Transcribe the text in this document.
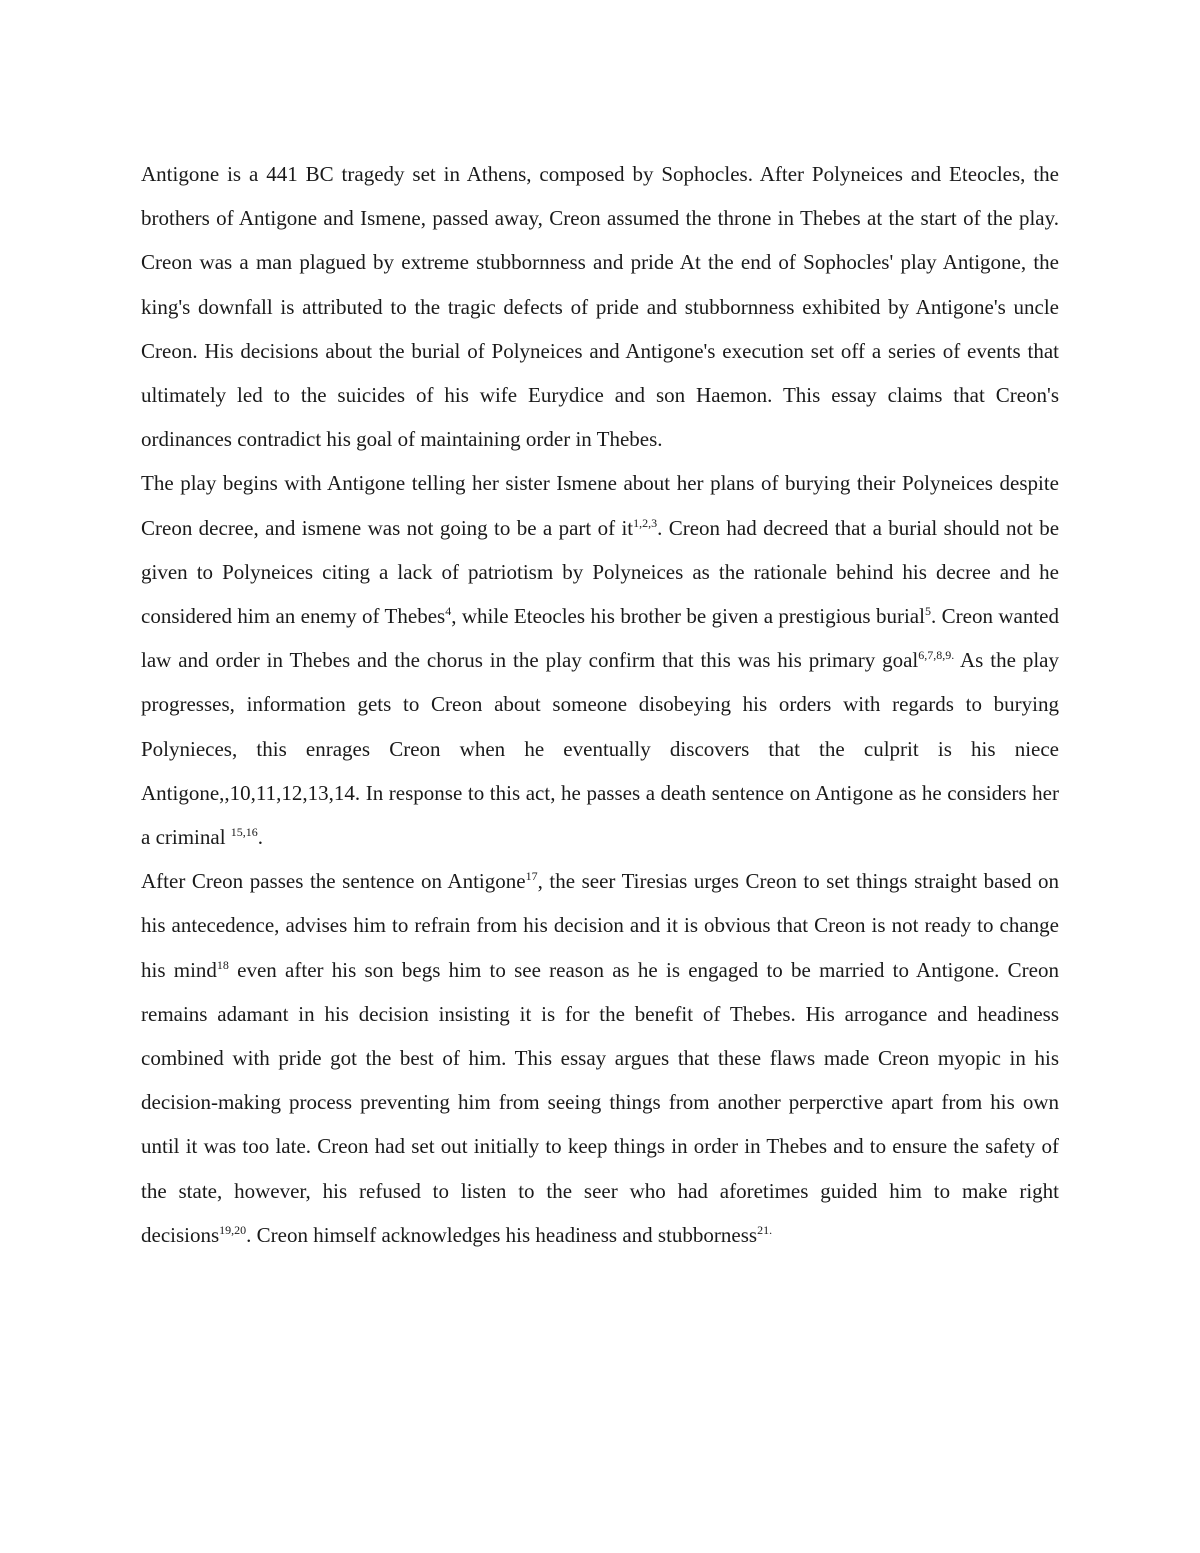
Antigone is a 441 BC tragedy set in Athens, composed by Sophocles. After Polyneices and Eteocles, the brothers of Antigone and Ismene, passed away, Creon assumed the throne in Thebes at the start of the play. Creon was a man plagued by extreme stubbornness and pride At the end of Sophocles' play Antigone, the king's downfall is attributed to the tragic defects of pride and stubbornness exhibited by Antigone's uncle Creon. His decisions about the burial of Polyneices and Antigone's execution set off a series of events that ultimately led to the suicides of his wife Eurydice and son Haemon. This essay claims that Creon's ordinances contradict his goal of maintaining order in Thebes.

The play begins with Antigone telling her sister Ismene about her plans of burying their Polyneices despite Creon decree, and ismene was not going to be a part of it$^{1,2,3}$. Creon had decreed that a burial should not be given to Polyneices citing a lack of patriotism by Polyneices as the rationale behind his decree and he considered him an enemy of Thebes$^4$, while Eteocles his brother be given a prestigious burial$^5$. Creon wanted law and order in Thebes and the chorus in the play confirm that this was his primary goal$^{6,7,8,9.}$ As the play progresses, information gets to Creon about someone disobeying his orders with regards to burying Polynieces, this enrages Creon when he eventually discovers that the culprit is his niece Antigone,,10,11,12,13,14. In response to this act, he passes a death sentence on Antigone as he considers her a criminal $^{15,16}$.

After Creon passes the sentence on Antigone$^{17}$, the seer Tiresias urges Creon to set things straight based on his antecedence, advises him to refrain from his decision and it is obvious that Creon is not ready to change his mind$^{18}$ even after his son begs him to see reason as he is engaged to be married to Antigone. Creon remains adamant in his decision insisting it is for the benefit of Thebes. His arrogance and headiness combined with pride got the best of him. This essay argues that these flaws made Creon myopic in his decision-making process preventing him from seeing things from another perperctive apart from his own until it was too late. Creon had set out initially to keep things in order in Thebes and to ensure the safety of the state, however, his refused to listen to the seer who had aforetimes guided him to make right decisions$^{19,20}$. Creon himself acknowledges his headiness and stubborness$^{21.}$
